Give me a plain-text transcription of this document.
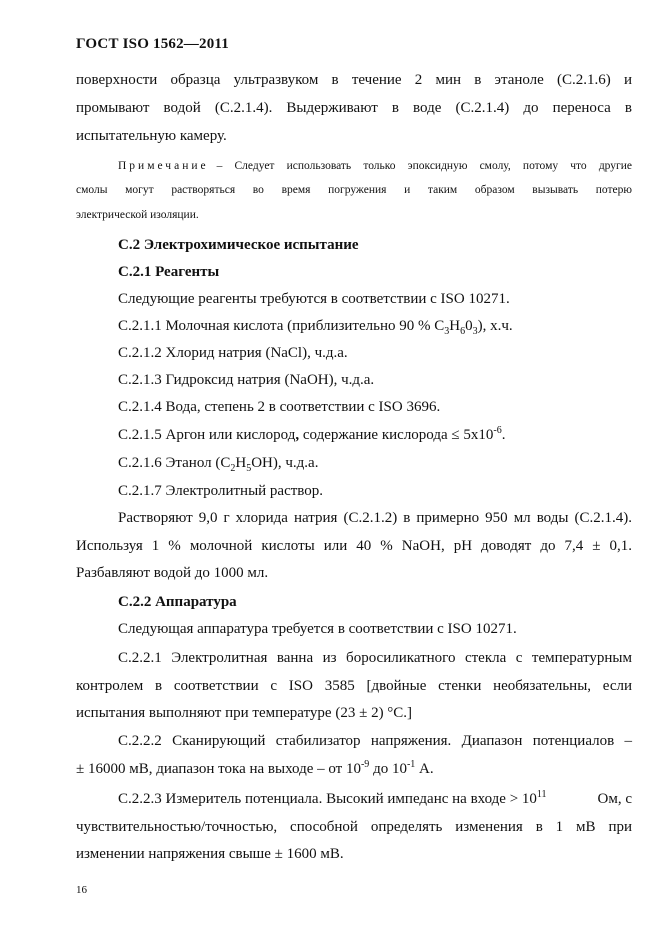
ГОСТ ISO 1562—2011
поверхности образца ультразвуком в течение 2 мин в этаноле (С.2.1.6) и
промывают водой (С.2.1.4). Выдерживают в воде (С.2.1.4) до переноса в
испытательную камеру.
Примечание – Следует использовать только эпоксидную смолу, потому что другие
смолы могут растворяться во время погружения и таким образом вызывать потерю
электрической изоляции.
С.2 Электрохимическое испытание
С.2.1 Реагенты
Следующие реагенты требуются в соответствии с ISO 10271.
С.2.1.1 Молочная кислота (приблизительно 90 % $С_3H_60_3$), х.ч.
С.2.1.2 Хлорид натрия (NaCl), ч.д.а.
С.2.1.3 Гидроксид натрия (NaOH), ч.д.а.
С.2.1.4 Вода, степень 2 в соответствии с ISO 3696.
С.2.1.5 Аргон или кислород, содержание кислорода ≤ $5х10^{-6}$.
С.2.1.6 Этанол $(С_2H_5OH)$, ч.д.а.
С.2.1.7 Электролитный раствор.
Растворяют 9,0 г хлорида натрия (С.2.1.2) в примерно 950 мл воды (С.2.1.4).
Используя 1 % молочной кислоты или 40 % NaOH, pH доводят до 7,4 ± 0,1.
Разбавляют водой до 1000 мл.
С.2.2 Аппаратура
Следующая аппаратура требуется в соответствии с ISO 10271.
С.2.2.1 Электролитная ванна из боросиликатного стекла с температурным
контролем в соответствии с ISO 3585 [двойные стенки необязательны, если
испытания выполняют при температуре (23 ± 2) °С.]
С.2.2.2 Сканирующий стабилизатор напряжения. Диапазон потенциалов –
± 16000 мВ, диапазон тока на выходе – от $10^{-9}$ до $10^{-1}$ А.
С.2.2.3 Измеритель потенциала. Высокий импеданс на входе > $10^{11}$	Ом, с
чувствительностью/точностью, способной определять изменения в 1 мВ при
изменении напряжения свыше ± 1600 мВ.
16
